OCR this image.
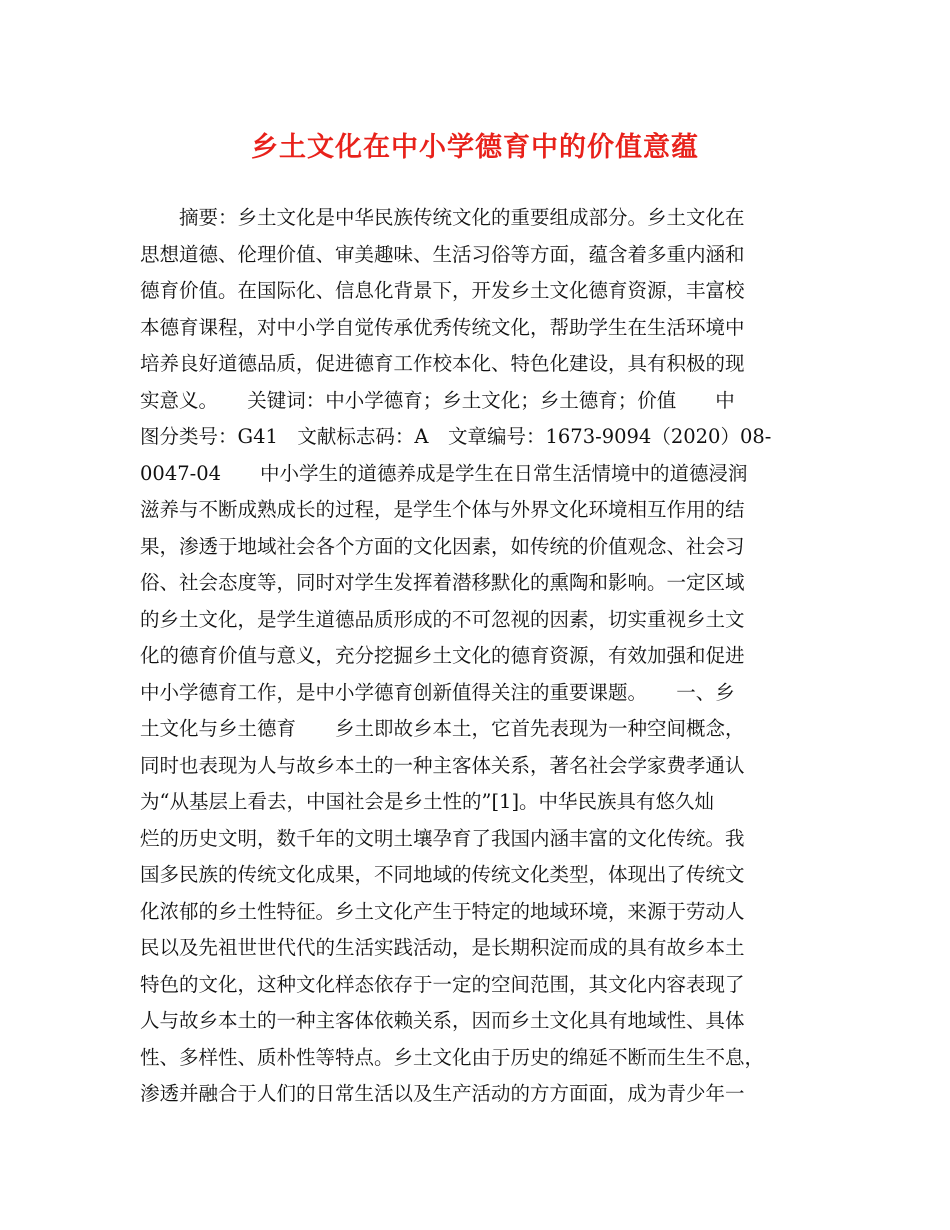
乡土文化在中小学德育中的价值意蕴
　　摘要：乡土文化是中华民族传统文化的重要组成部分。乡土文化在
思想道德、伦理价值、审美趣味、生活习俗等方面，蕴含着多重内涵和
德育价值。在国际化、信息化背景下，开发乡土文化德育资源，丰富校
本德育课程，对中小学自觉传承优秀传统文化，帮助学生在生活环境中
培养良好道德品质，促进德育工作校本化、特色化建设，具有积极的现
实意义。　　关键词：中小学德育；乡土文化；乡土德育；价值　　中
图分类号：G41　文献标志码：A　文章编号：1673-9094（2020）08-
0047-04　　中小学生的道德养成是学生在日常生活情境中的道德浸润
滋养与不断成熟成长的过程，是学生个体与外界文化环境相互作用的结
果，渗透于地域社会各个方面的文化因素，如传统的价值观念、社会习
俗、社会态度等，同时对学生发挥着潜移默化的熏陶和影响。一定区域
的乡土文化，是学生道德品质形成的不可忽视的因素，切实重视乡土文
化的德育价值与意义，充分挖掘乡土文化的德育资源，有效加强和促进
中小学德育工作，是中小学德育创新值得关注的重要课题。　　一、乡
土文化与乡土德育　　乡土即故乡本土，它首先表现为一种空间概念，
同时也表现为人与故乡本土的一种主客体关系，著名社会学家费孝通认
为“从基层上看去，中国社会是乡土性的”[1]。中华民族具有悠久灿
烂的历史文明，数千年的文明土壤孕育了我国内涵丰富的文化传统。我
国多民族的传统文化成果，不同地域的传统文化类型，体现出了传统文
化浓郁的乡土性特征。乡土文化产生于特定的地域环境，来源于劳动人
民以及先祖世世代代的生活实践活动，是长期积淀而成的具有故乡本土
特色的文化，这种文化样态依存于一定的空间范围，其文化内容表现了
人与故乡本土的一种主客体依赖关系，因而乡土文化具有地域性、具体
性、多样性、质朴性等特点。乡土文化由于历史的绵延不断而生生不息，
渗透并融合于人们的日常生活以及生产活动的方方面面，成为青少年一
